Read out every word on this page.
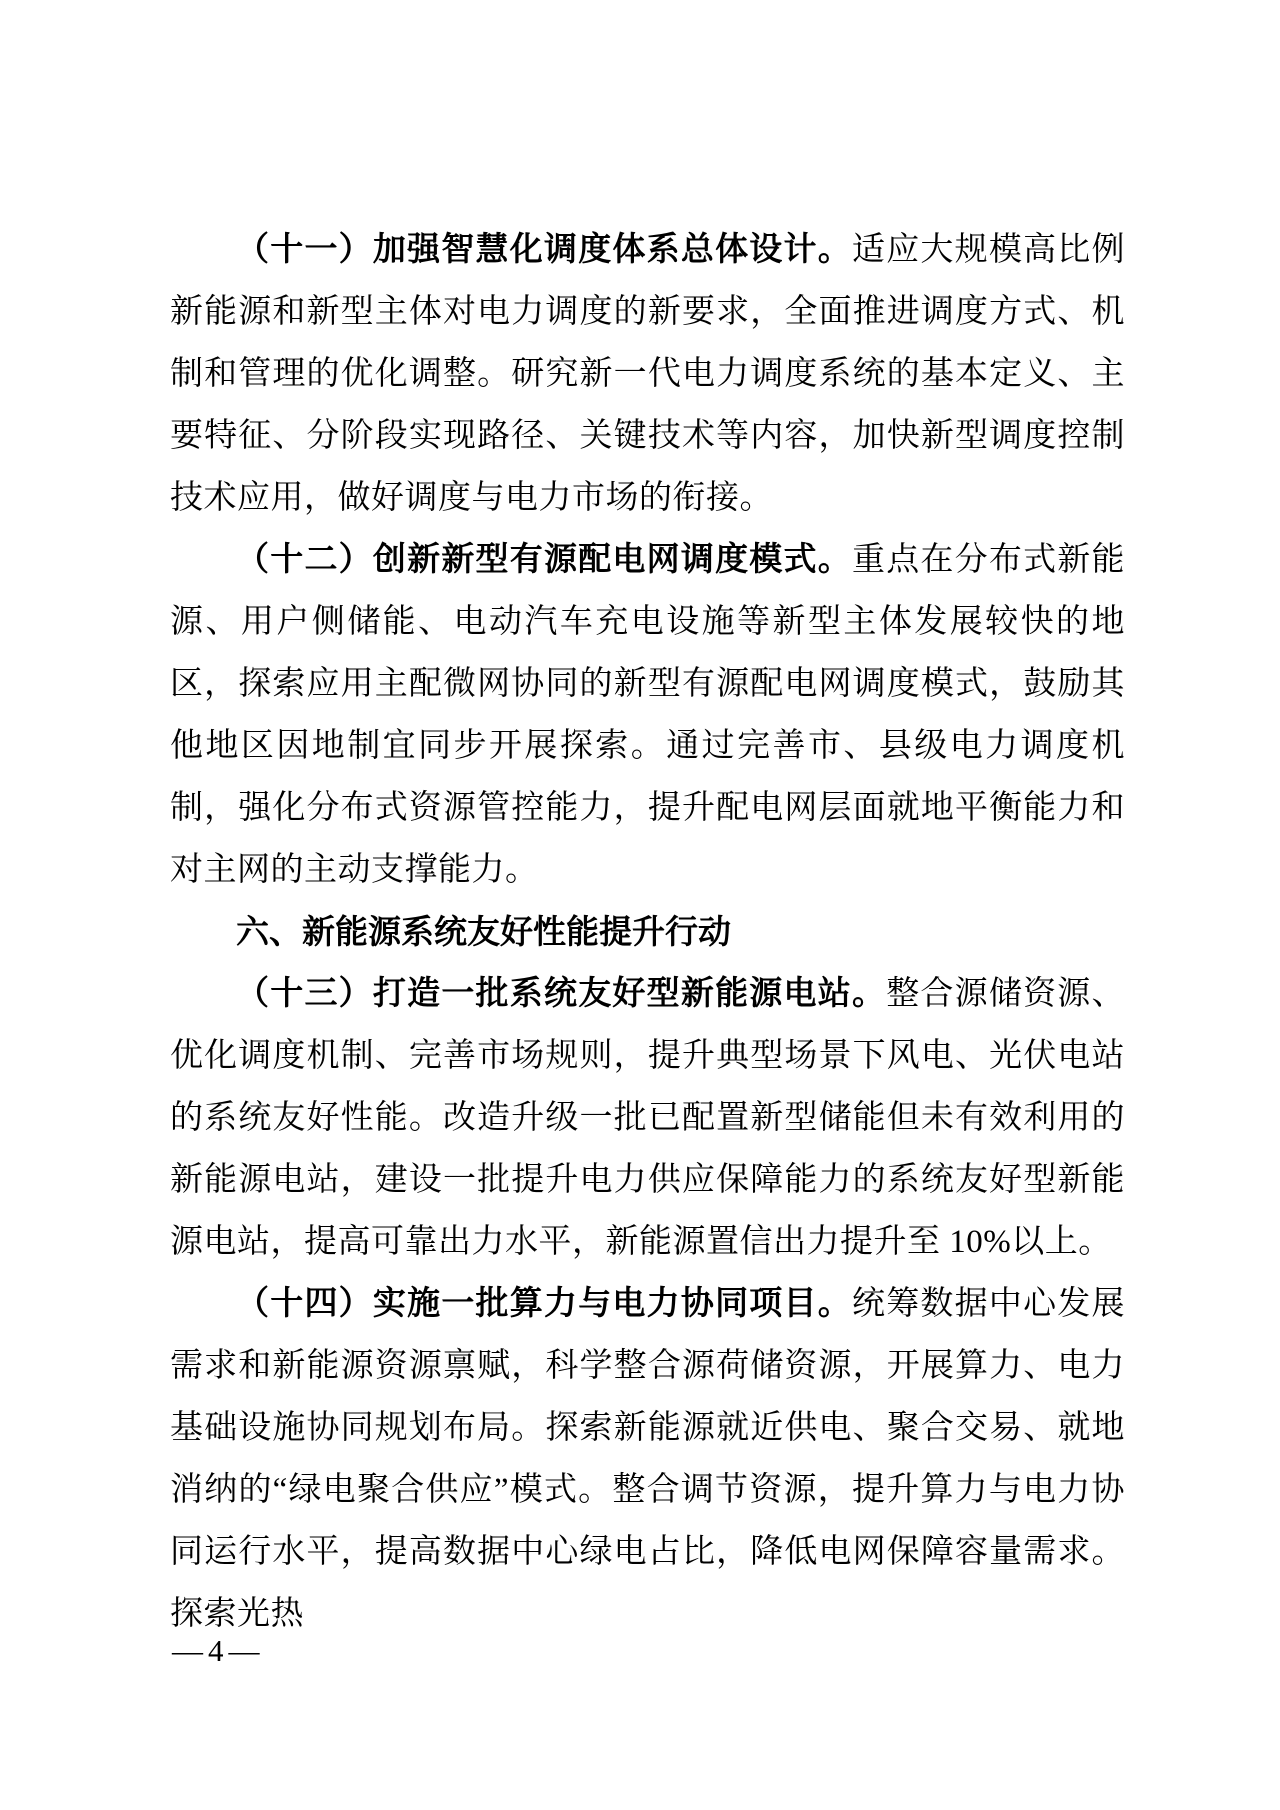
（十一）加强智慧化调度体系总体设计。适应大规模高比例新能源和新型主体对电力调度的新要求，全面推进调度方式、机制和管理的优化调整。研究新一代电力调度系统的基本定义、主要特征、分阶段实现路径、关键技术等内容，加快新型调度控制技术应用，做好调度与电力市场的衔接。

（十二）创新新型有源配电网调度模式。重点在分布式新能源、用户侧储能、电动汽车充电设施等新型主体发展较快的地区，探索应用主配微网协同的新型有源配电网调度模式，鼓励其他地区因地制宜同步开展探索。通过完善市、县级电力调度机制，强化分布式资源管控能力，提升配电网层面就地平衡能力和对主网的主动支撑能力。

六、新能源系统友好性能提升行动

（十三）打造一批系统友好型新能源电站。整合源储资源、优化调度机制、完善市场规则，提升典型场景下风电、光伏电站的系统友好性能。改造升级一批已配置新型储能但未有效利用的新能源电站，建设一批提升电力供应保障能力的系统友好型新能源电站，提高可靠出力水平，新能源置信出力提升至 10%以上。

（十四）实施一批算力与电力协同项目。统筹数据中心发展需求和新能源资源禀赋，科学整合源荷储资源，开展算力、电力基础设施协同规划布局。探索新能源就近供电、聚合交易、就地消纳的“绿电聚合供应”模式。整合调节资源，提升算力与电力协同运行水平，提高数据中心绿电占比，降低电网保障容量需求。探索光热

—4—
